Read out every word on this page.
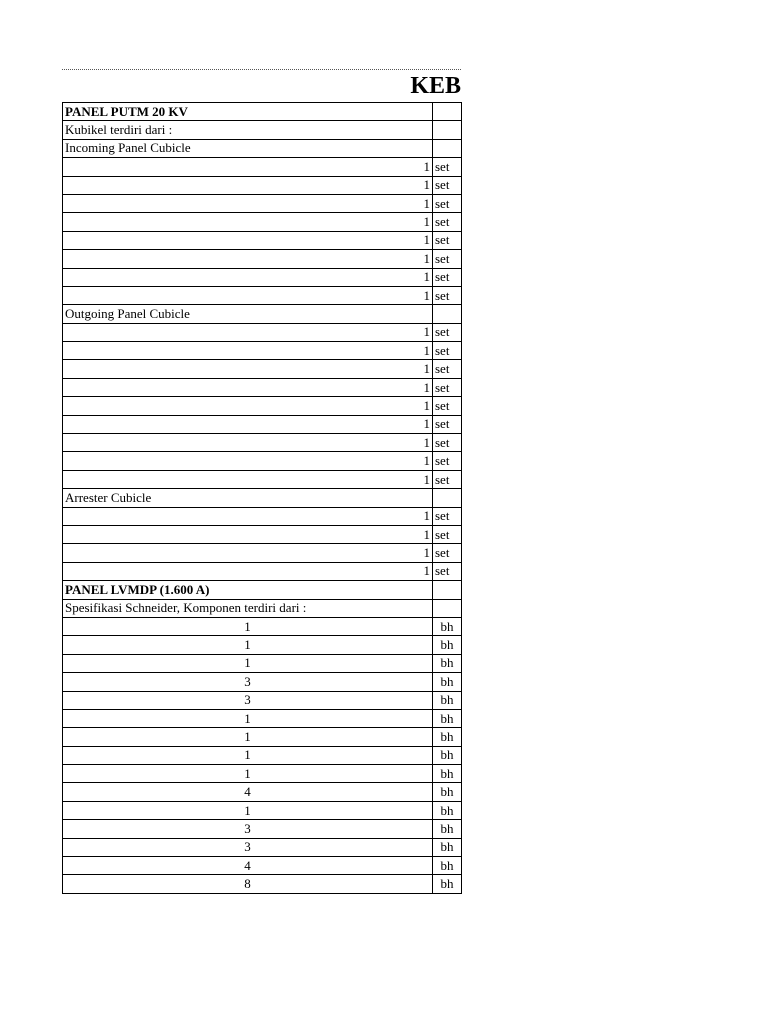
KEB
PANEL PUTM 20 KV	
Kubikel terdiri dari :	
Incoming Panel Cubicle	
1	set
1	set
1	set
1	set
1	set
1	set
1	set
1	set
Outgoing Panel Cubicle	
1	set
1	set
1	set
1	set
1	set
1	set
1	set
1	set
1	set
Arrester Cubicle	
1	set
1	set
1	set
1	set
PANEL LVMDP (1.600 A)	
Spesifikasi Schneider, Komponen terdiri dari :	
1	bh
1	bh
1	bh
3	bh
3	bh
1	bh
1	bh
1	bh
1	bh
4	bh
1	bh
3	bh
3	bh
4	bh
8	bh
